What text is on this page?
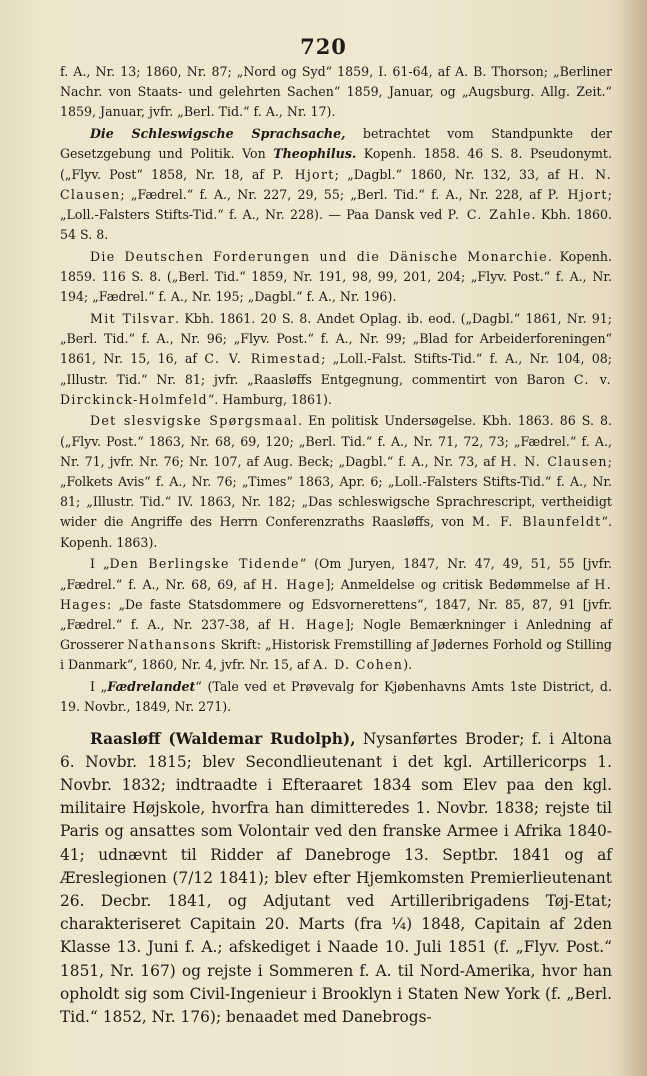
720

f. A., Nr. 13; 1860, Nr. 87; „Nord og Syd“ 1859, I. 61-64, af A. B. Thorson; „Berliner Nachr. von Staats- und gelehrten Sachen“ 1859, Januar, og „Augsburg. Allg. Zeit.“ 1859, Januar, jvfr. „Berl. Tid.“ f. A., Nr. 17).

Die Schleswigsche Sprachsache, betrachtet vom Standpunkte der Gesetzgebung und Politik. Von Theophilus. Kopenh. 1858. 46 S. 8. Pseudonymt. („Flyv. Post“ 1858, Nr. 18, af P. Hjort; „Dagbl.“ 1860, Nr. 132, 33, af H. N. Clausen; „Fædrel.“ f. A., Nr. 227, 29, 55; „Berl. Tid.“ f. A., Nr. 228, af P. Hjort; „Loll.-Falsters Stifts-Tid.“ f. A., Nr. 228). — Paa Dansk ved P. C. Zahle. Kbh. 1860. 54 S. 8.

Die Deutschen Forderungen und die Dänische Monarchie. Kopenh. 1859. 116 S. 8. („Berl. Tid.“ 1859, Nr. 191, 98, 99, 201, 204; „Flyv. Post.“ f. A., Nr. 194; „Fædrel.“ f. A., Nr. 195; „Dagbl.“ f. A., Nr. 196).

Mit Tilsvar. Kbh. 1861. 20 S. 8. Andet Oplag. ib. eod. („Dagbl.“ 1861, Nr. 91; „Berl. Tid.“ f. A., Nr. 96; „Flyv. Post.“ f. A., Nr. 99; „Blad for Arbeiderforeningen“ 1861, Nr. 15, 16, af C. V. Rimestad; „Loll.-Falst. Stifts-Tid.“ f. A., Nr. 104, 08; „Illustr. Tid.“ Nr. 81; jvfr. „Raasløffs Entgegnung, commentirt von Baron C. v. Dirckinck-Holmfeld“. Hamburg, 1861).

Det slesvigske Spørgsmaal. En politisk Undersøgelse. Kbh. 1863. 86 S. 8. („Flyv. Post.“ 1863, Nr. 68, 69, 120; „Berl. Tid.“ f. A., Nr. 71, 72, 73; „Fædrel.“ f. A., Nr. 71, jvfr. Nr. 76; Nr. 107, af Aug. Beck; „Dagbl.“ f. A., Nr. 73, af H. N. Clausen; „Folkets Avis“ f. A., Nr. 76; „Times“ 1863, Apr. 6; „Loll.-Falsters Stifts-Tid.“ f. A., Nr. 81; „Illustr. Tid.“ IV. 1863, Nr. 182; „Das schleswigsche Sprachrescript, vertheidigt wider die Angriffe des Herrn Conferenzraths Raasløffs, von M. F. Blaunfeldt“. Kopenh. 1863).

I „Den Berlingske Tidende“ (Om Juryen, 1847, Nr. 47, 49, 51, 55 [jvfr. „Fædrel.“ f. A., Nr. 68, 69, af H. Hage]; Anmeldelse og critisk Bedømmelse af H. Hages: „De faste Statsdommere og Edsvornerettens“, 1847, Nr. 85, 87, 91 [jvfr. „Fædrel.“ f. A., Nr. 237-38, af H. Hage]; Nogle Bemærkninger i Anledning af Grosserer Nathansons Skrift: „Historisk Fremstilling af Jødernes Forhold og Stilling i Danmark“, 1860, Nr. 4, jvfr. Nr. 15, af A. D. Cohen).

I „Fædrelandet“ (Tale ved et Prøvevalg for Kjøbenhavns Amts 1ste District, d. 19. Novbr., 1849, Nr. 271).

Raasløff (Waldemar Rudolph), Nysanførtes Broder; f. i Altona 6. Novbr. 1815; blev Secondlieutenant i det kgl. Artillericorps 1. Novbr. 1832; indtraadte i Efteraaret 1834 som Elev paa den kgl. militaire Højskole, hvorfra han dimitteredes 1. Novbr. 1838; rejste til Paris og ansattes som Volontair ved den franske Armee i Afrika 1840-41; udnævnt til Ridder af Danebroge 13. Septbr. 1841 og af Æreslegionen (7/12 1841); blev efter Hjemkomsten Premierlieutenant 26. Decbr. 1841, og Adjutant ved Artilleribrigadens Tøj-Etat; charakteriseret Capitain 20. Marts (fra ¼) 1848, Capitain af 2den Klasse 13. Juni f. A.; afskediget i Naade 10. Juli 1851 (f. „Flyv. Post.“ 1851, Nr. 167) og rejste i Sommeren f. A. til Nord-Amerika, hvor han opholdt sig som Civil-Ingenieur i Brooklyn i Staten New York (f. „Berl. Tid.“ 1852, Nr. 176); benaadet med Danebrogs-
